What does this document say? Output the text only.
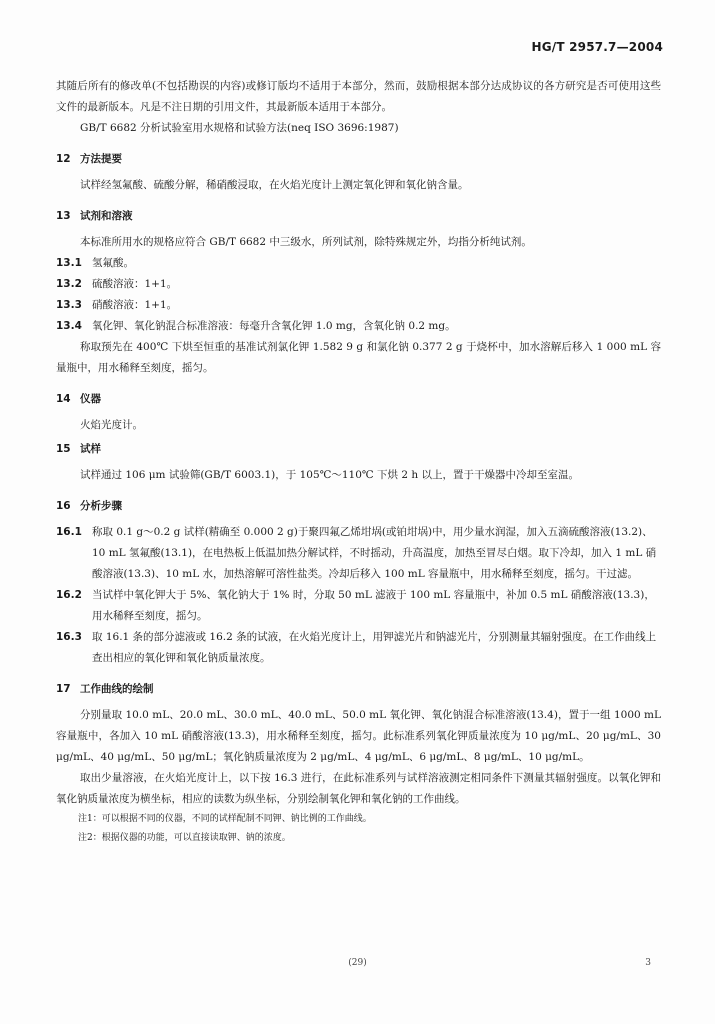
HG/T 2957.7—2004

其随后所有的修改单(不包括勘误的内容)或修订版均不适用于本部分，然而，鼓励根据本部分达成协议的各方研究是否可使用这些文件的最新版本。凡是不注日期的引用文件，其最新版本适用于本部分。

GB/T 6682 分析试验室用水规格和试验方法(neq ISO 3696:1987)

12 方法提要

试样经氢氟酸、硫酸分解，稀硝酸浸取，在火焰光度计上测定氧化钾和氧化钠含量。

13 试剂和溶液

本标准所用水的规格应符合 GB/T 6682 中三级水，所列试剂，除特殊规定外，均指分析纯试剂。

13.1 氢氟酸。
13.2 硫酸溶液：1+1。
13.3 硝酸溶液：1+1。
13.4 氧化钾、氧化钠混合标准溶液：每毫升含氧化钾 1.0 mg，含氧化钠 0.2 mg。

称取预先在 400℃ 下烘至恒重的基准试剂氯化钾 1.582 9 g 和氯化钠 0.377 2 g 于烧杯中，加水溶解后移入 1 000 mL 容量瓶中，用水稀释至刻度，摇匀。

14 仪器

火焰光度计。

15 试样

试样通过 106 μm 试验筛(GB/T 6003.1)，于 105℃～110℃ 下烘 2 h 以上，置于干燥器中冷却至室温。

16 分析步骤
16.1 称取 0.1 g～0.2 g 试样(精确至 0.000 2 g)于聚四氟乙烯坩埚(或铂坩埚)中，用少量水润湿，加入五滴硫酸溶液(13.2)、10 mL 氢氟酸(13.1)，在电热板上低温加热分解试样，不时摇动，升高温度，加热至冒尽白烟。取下冷却，加入 1 mL 硝酸溶液(13.3)、10 mL 水，加热溶解可溶性盐类。冷却后移入 100 mL 容量瓶中，用水稀释至刻度，摇匀。干过滤。
16.2 当试样中氧化钾大于 5%、氧化钠大于 1% 时，分取 50 mL 滤液于 100 mL 容量瓶中，补加 0.5 mL 硝酸溶液(13.3)，用水稀释至刻度，摇匀。
16.3 取 16.1 条的部分滤液或 16.2 条的试液，在火焰光度计上，用钾滤光片和钠滤光片，分别测量其辐射强度。在工作曲线上查出相应的氧化钾和氧化钠质量浓度。
17 工作曲线的绘制

分别量取 10.0 mL、20.0 mL、30.0 mL、40.0 mL、50.0 mL 氧化钾、氧化钠混合标准溶液(13.4)，置于一组 1000 mL 容量瓶中，各加入 10 mL 硝酸溶液(13.3)，用水稀释至刻度，摇匀。此标准系列氧化钾质量浓度为 10 μg/mL、20 μg/mL、30 μg/mL、40 μg/mL、50 μg/mL；氧化钠质量浓度为 2 μg/mL、4 μg/mL、6 μg/mL、8 μg/mL、10 μg/mL。

取出少量溶液，在火焰光度计上，以下按 16.3 进行，在此标准系列与试样溶液测定相同条件下测量其辐射强度。以氧化钾和氧化钠质量浓度为横坐标，相应的读数为纵坐标，分别绘制氧化钾和氧化钠的工作曲线。

注1：可以根据不同的仪器，不同的试样配制不同钾、钠比例的工作曲线。

注2：根据仪器的功能，可以直接读取钾、钠的浓度。

(29)	3
